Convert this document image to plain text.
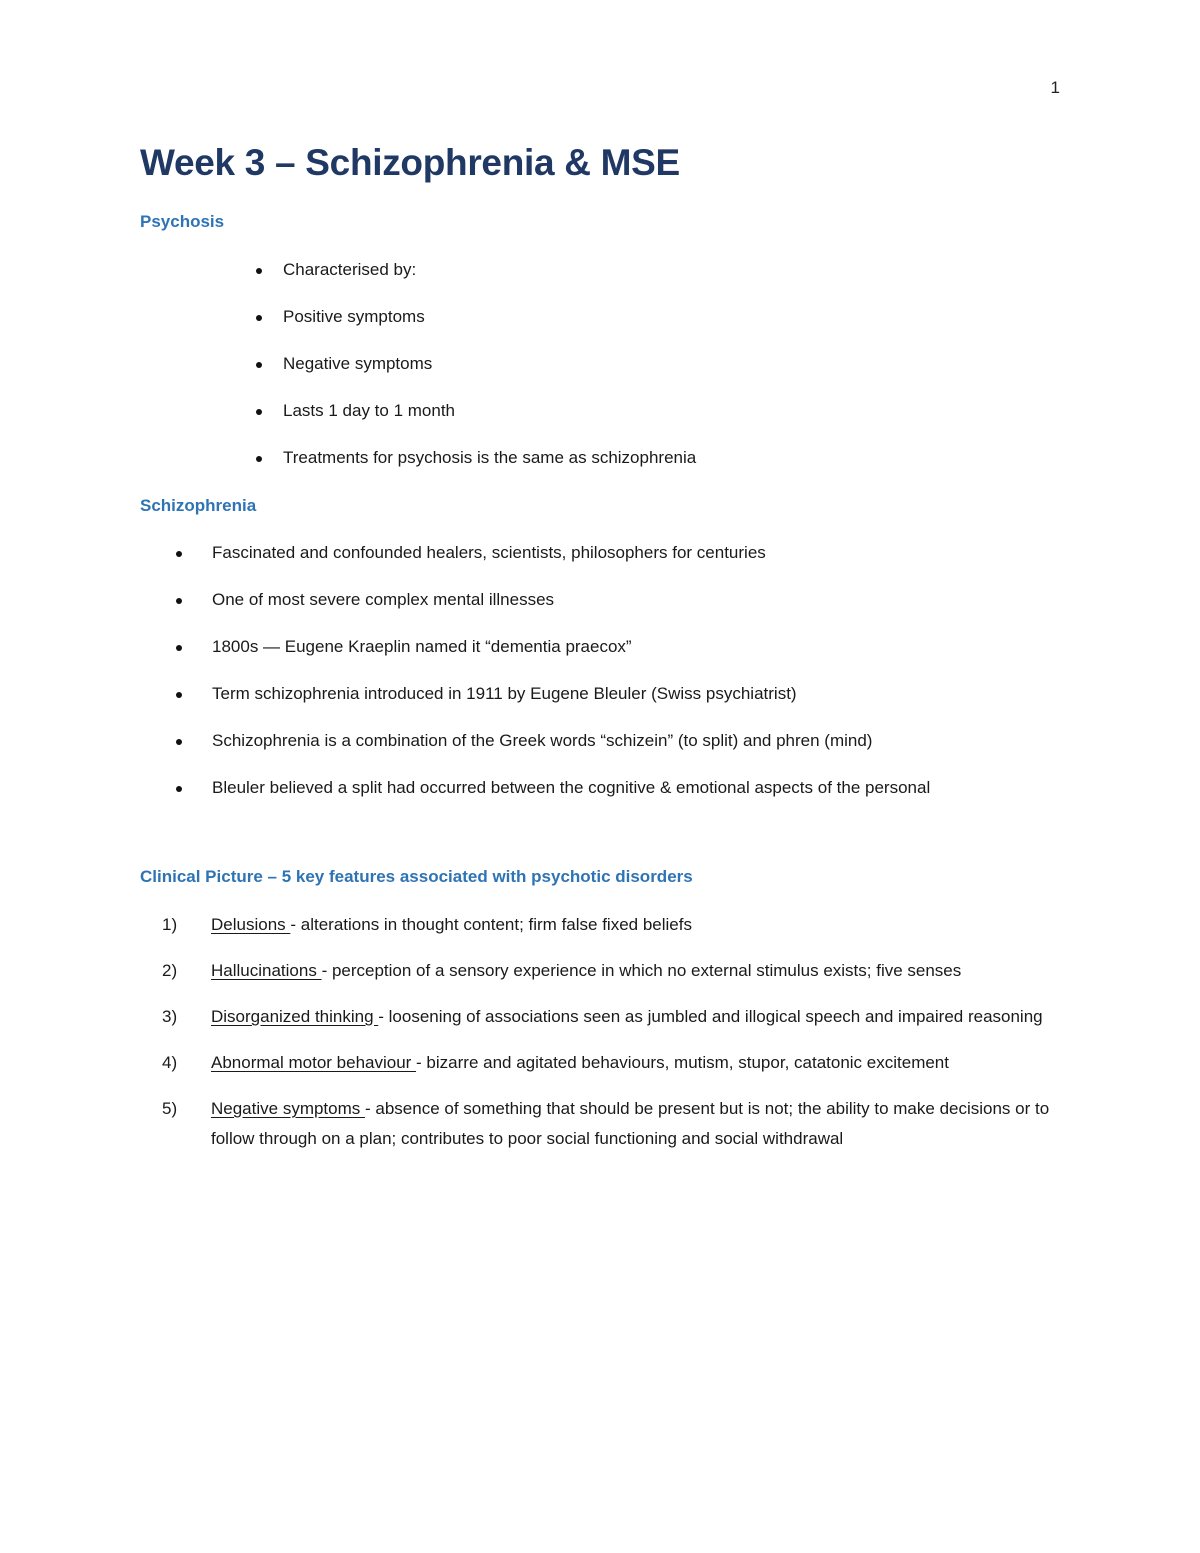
1
Week 3 – Schizophrenia & MSE
Psychosis
Characterised by:
Positive symptoms
Negative symptoms
Lasts 1 day to 1 month
Treatments for psychosis is the same as schizophrenia
Schizophrenia
Fascinated and confounded healers, scientists, philosophers for centuries
One of most severe complex mental illnesses
1800s — Eugene Kraeplin named it “dementia praecox”
Term schizophrenia introduced in 1911 by Eugene Bleuler (Swiss psychiatrist)
Schizophrenia is a combination of the Greek words “schizein” (to split) and phren (mind)
Bleuler believed a split had occurred between the cognitive & emotional aspects of the personal
Clinical Picture – 5 key features associated with psychotic disorders
1) Delusions - alterations in thought content; firm false fixed beliefs
2) Hallucinations - perception of a sensory experience in which no external stimulus exists; five senses
3) Disorganized thinking - loosening of associations seen as jumbled and illogical speech and impaired reasoning
4) Abnormal motor behaviour - bizarre and agitated behaviours, mutism, stupor, catatonic excitement
5) Negative symptoms - absence of something that should be present but is not; the ability to make decisions or to follow through on a plan; contributes to poor social functioning and social withdrawal
